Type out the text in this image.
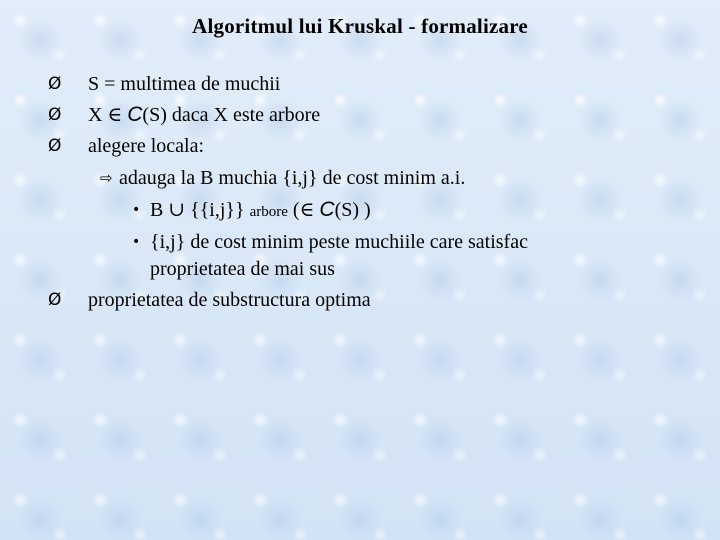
Algoritmul lui Kruskal - formalizare
Ø S = multimea de muchii
Ø X ∈ C(S) daca X este arbore
Ø alegere locala:
⇨ adauga la B muchia {i,j} de cost minim a.i.
• B ∪ {{i,j}} arbore (∈ C(S) )
• {i,j} de cost minim peste muchiile care satisfac
proprietatea de mai sus
Ø proprietatea de substructura optima
